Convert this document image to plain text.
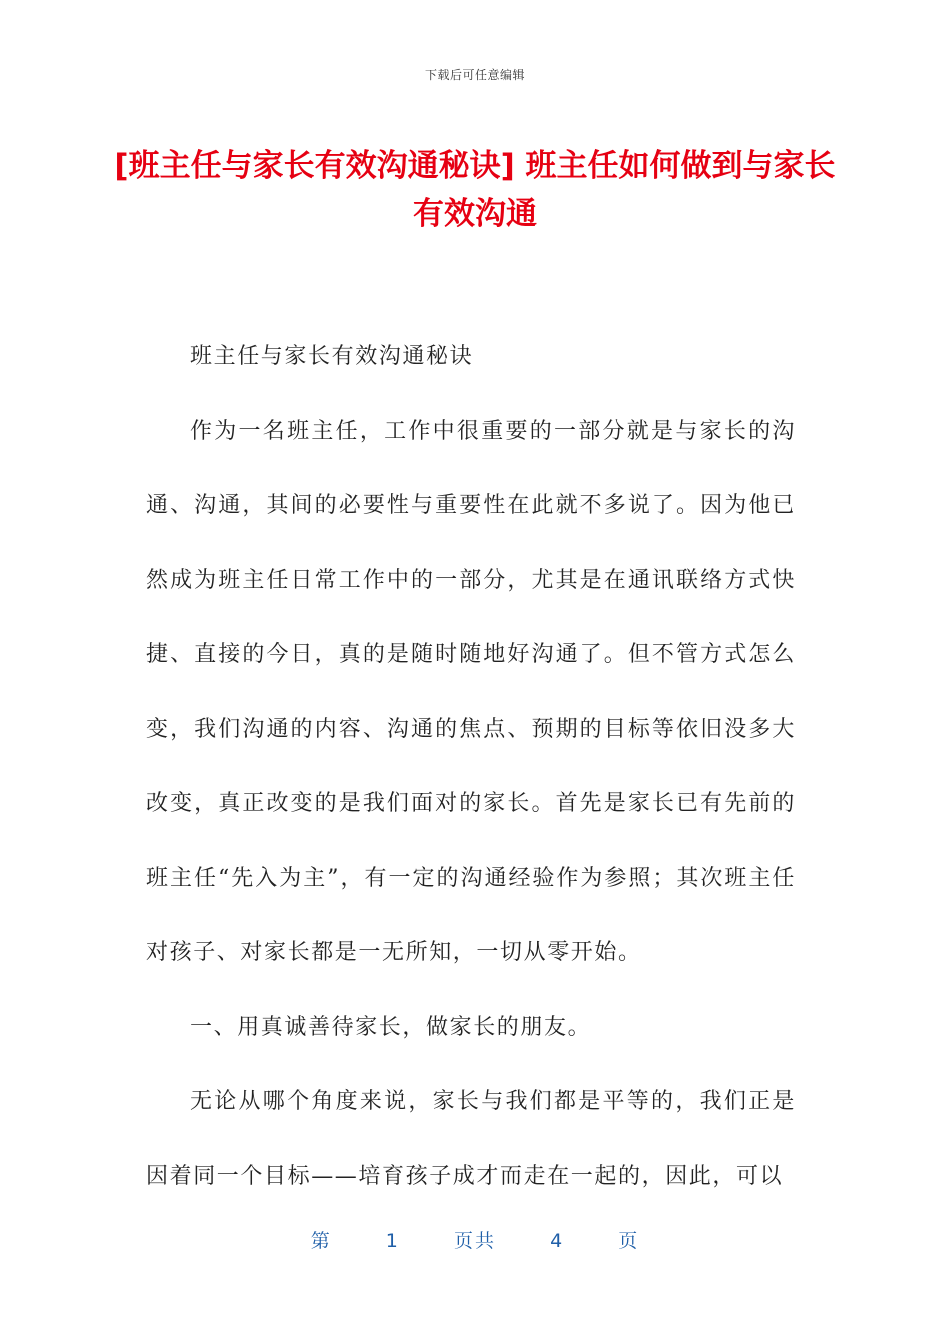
下载后可任意编辑
[班主任与家长有效沟通秘诀] 班主任如何做到与家长有效沟通

班主任与家长有效沟通秘诀

作为一名班主任，工作中很重要的一部分就是与家长的沟通、沟通，其间的必要性与重要性在此就不多说了。因为他已然成为班主任日常工作中的一部分，尤其是在通讯联络方式快捷、直接的今日，真的是随时随地好沟通了。但不管方式怎么变，我们沟通的内容、沟通的焦点、预期的目标等依旧没多大改变，真正改变的是我们面对的家长。首先是家长已有先前的班主任“先入为主”，有一定的沟通经验作为参照；其次班主任对孩子、对家长都是一无所知，一切从零开始。

一、用真诚善待家长，做家长的朋友。

无论从哪个角度来说，家长与我们都是平等的，我们正是因着同一个目标——培育孩子成才而走在一起的，因此，可以

第	1	页共	4	页
